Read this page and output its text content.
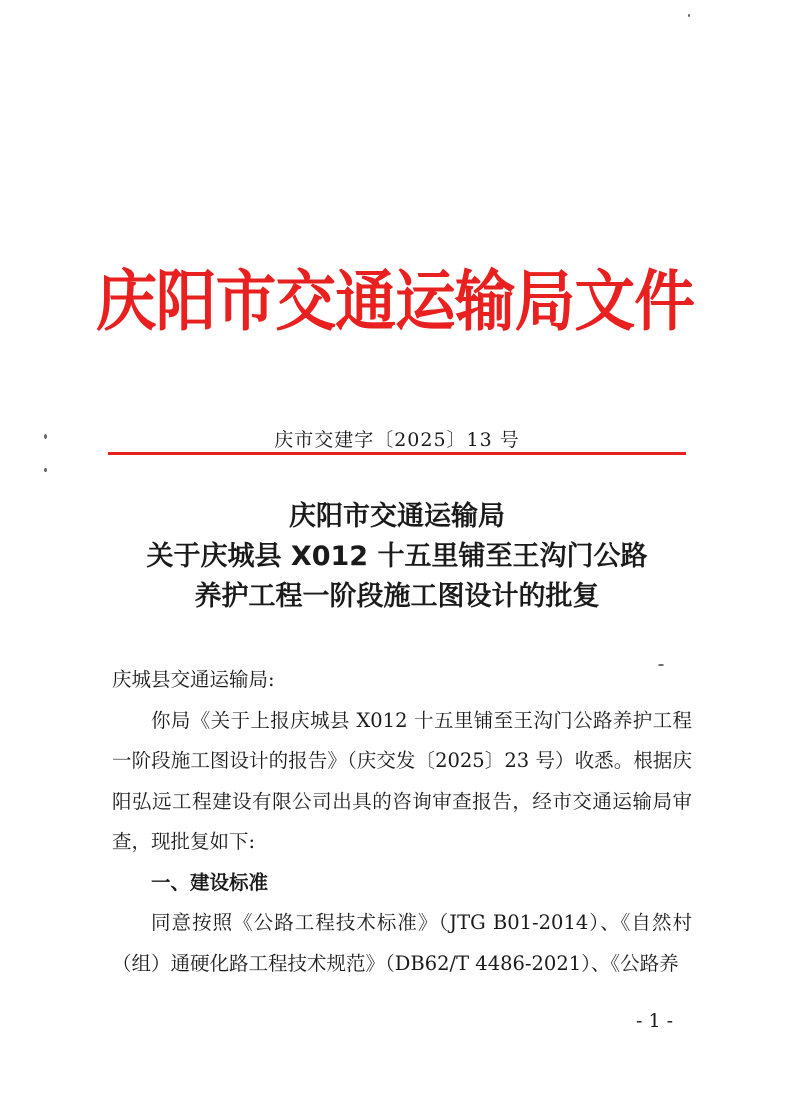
庆阳市交通运输局文件
庆市交建字〔2025〕13 号
庆阳市交通运输局
关于庆城县 X012 十五里铺至王沟门公路
养护工程一阶段施工图设计的批复
庆城县交通运输局:
你局《关于上报庆城县 X012 十五里铺至王沟门公路养护工程一阶段施工图设计的报告》（庆交发〔2025〕23 号）收悉。根据庆阳弘远工程建设有限公司出具的咨询审查报告，经市交通运输局审查，现批复如下:
一、建设标准
同意按照《公路工程技术标准》（JTG B01-2014）、《自然村（组）通硬化路工程技术规范》（DB62/T 4486-2021）、《公路养
- 1 -
